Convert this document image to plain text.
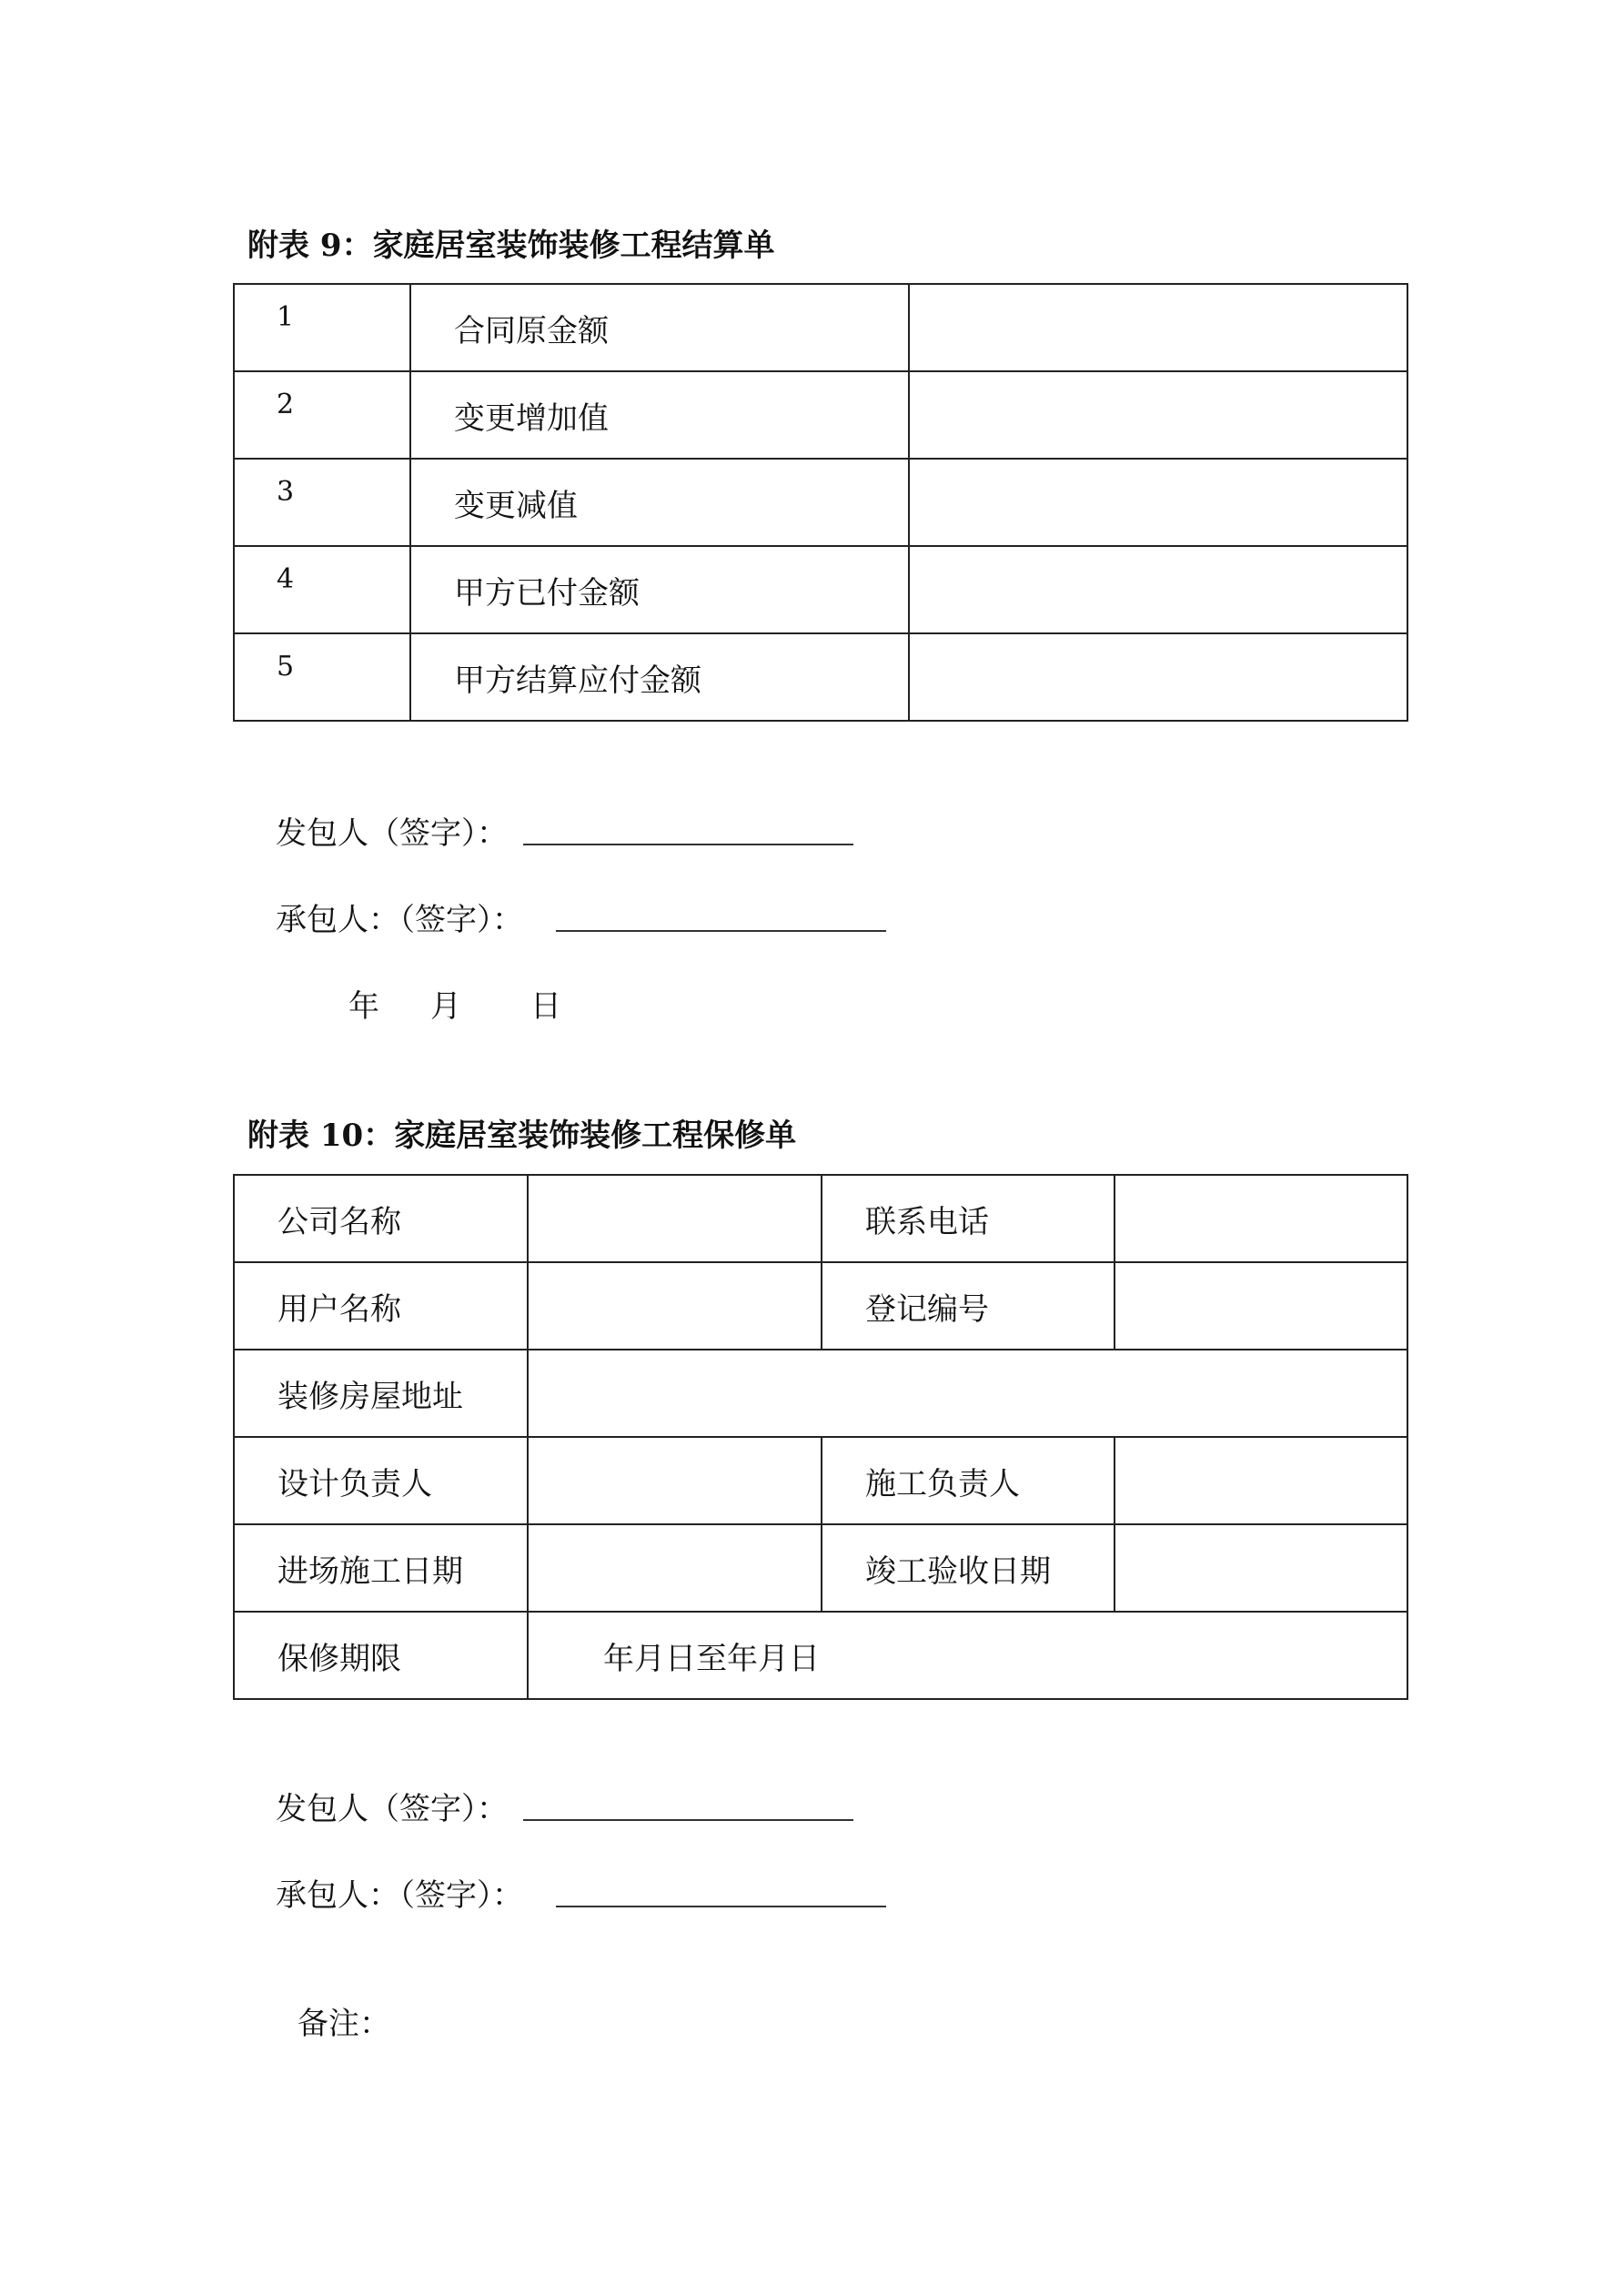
附表 9：家庭居室装饰装修工程结算单
1	合同原金额	
2	变更增加值	
3	变更减值	
4	甲方已付金额	
5	甲方结算应付金额	
发包人（签字）：
承包人：（签字）：
年 月 日
附表 10：家庭居室装饰装修工程保修单
公司名称		联系电话	
用户名称		登记编号	
装修房屋地址			
设计负责人		施工负责人	
进场施工日期		竣工验收日期	
保修期限	年月日至年月日		
发包人（签字）：
承包人：（签字）：
备注：
